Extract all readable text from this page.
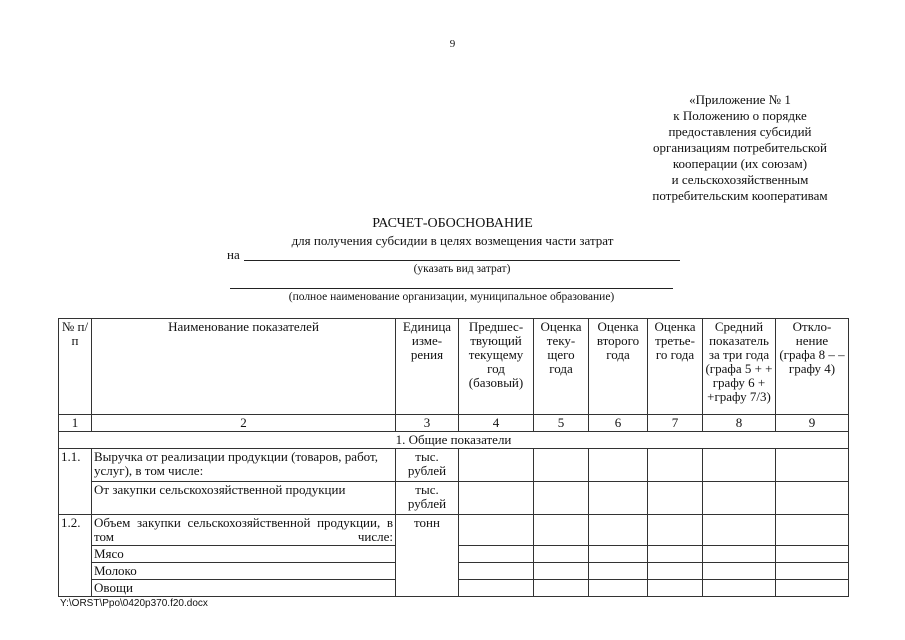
9
«Приложение № 1
к Положению о порядке
предоставления субсидий
организациям потребительской
кооперации (их союзам)
и сельскохозяйственным
потребительским кооперативам
РАСЧЕТ-ОБОСНОВАНИЕ
для получения субсидии в целях возмещения части затрат
на
(указать вид затрат)
(полное наименование организации, муниципальное образование)
№ п/п	Наименование показателей	Единица изме- рения	Предшес- твующий текущему год (базовый)	Оценка теку- щего года	Оценка второго года	Оценка третье- го года	Средний показатель за три года (графа 5 + + графу 6 + +графу 7/3)	Откло- нение (графа 8 – – графу 4)
1	2	3	4	5	6	7	8	9
1. Общие показатели								
1.1.	Выручка от реализации продукции (товаров, работ, услуг), в том числе:	тыс. рублей						
	От закупки сельскохозяйственной продукции	тыс. рублей						
1.2.	Объем закупки сельскохозяйственной продукции, в том числе:	тонн						
	Мясо							
	Молоко							
	Овощи							
Y:\ORST\Ppo\0420p370.f20.docx
